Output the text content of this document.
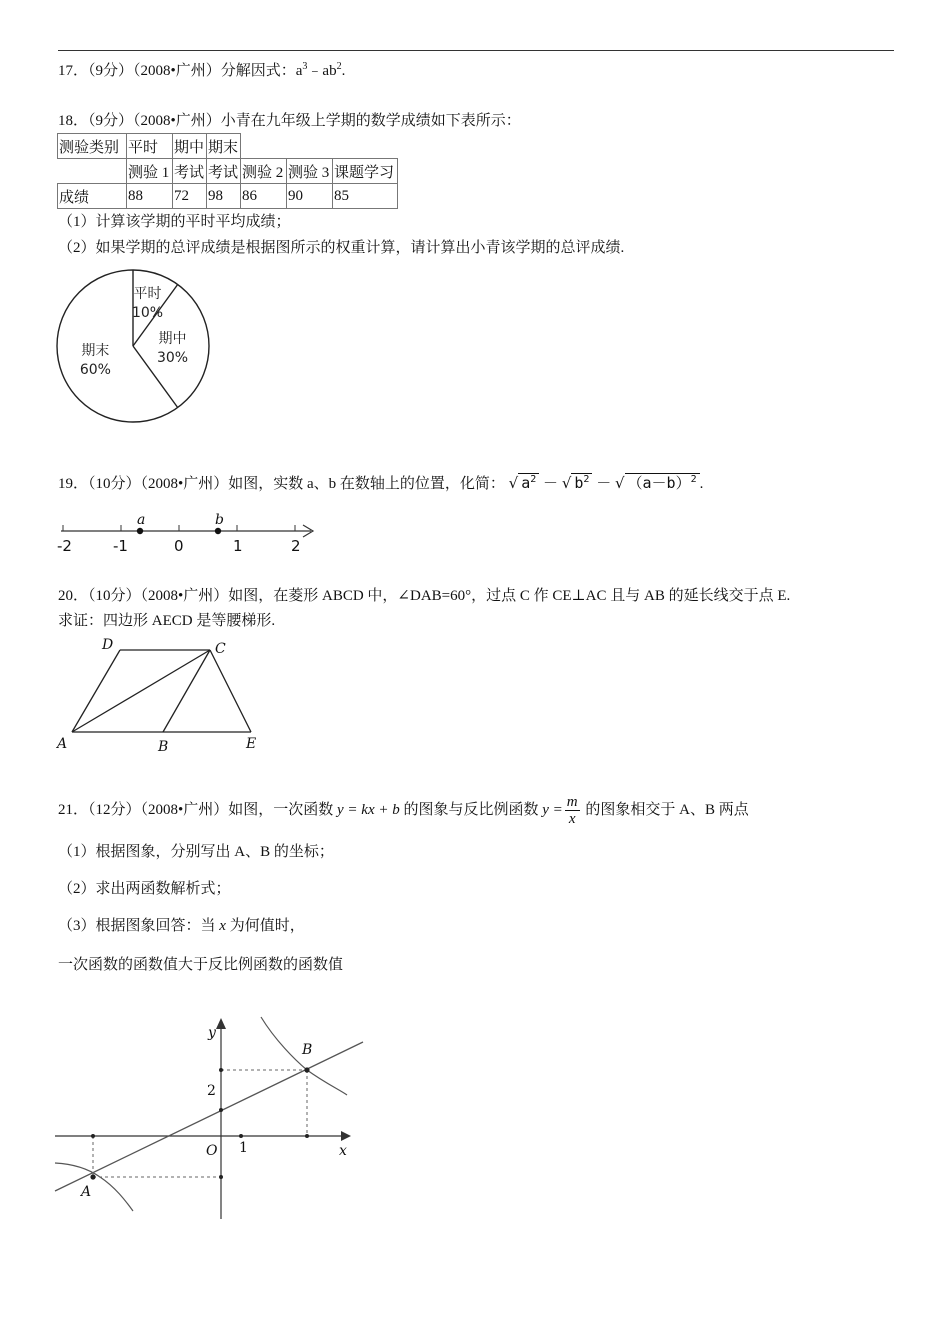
17．（9分）（2008•广州）分解因式：$a^3﹣ab^2$.
18．（9分）（2008•广州）小青在九年级上学期的数学成绩如下表所示：
测验类别	平时	期中	期末			
	测验 1	考试	考试	测验 2	测验 3	课题学习
成绩	88	72	98	86	90	85
（1）计算该学期的平时平均成绩；
（2）如果学期的总评成绩是根据图所示的权重计算，请计算出小青该学期的总评成绩.
平时
10%
期中
30%
期末
60%
19．（10分）（2008•广州）如图，实数 a、b 在数轴上的位置，化简： √ $a^2$ － √ $b^2$ － √ $(a-b)^2$ .
-2	-1	0	1	2
a	b
20．（10分）（2008•广州）如图，在菱形 ABCD 中，∠DAB=60°，过点 C 作 CE⊥AC 且与 AB 的延长线交于点 E.
求证：四边形 AECD 是等腰梯形.
D	C
A	B	E
21．（12分）（2008•广州）如图，一次函数 y = kx + b 的图象与反比例函数 $y = \frac{m}{x}$ 的图象相交于 A、B 两点
（1）根据图象，分别写出 A、B 的坐标；
（2）求出两函数解析式；
（3）根据图象回答：当 x 为何值时，
一次函数的函数值大于反比例函数的函数值
y
x
O 1
2
B
A
